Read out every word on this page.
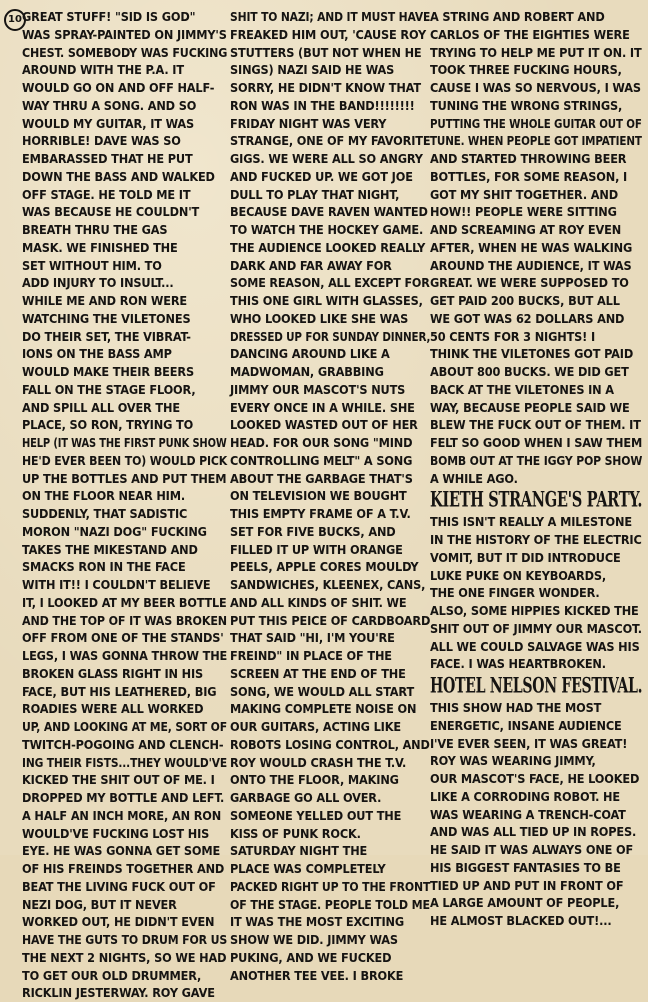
10 GREAT STUFF! "SID IS GOD"
WAS SPRAY-PAINTED ON JIMMY'S
CHEST. SOMEBODY WAS FUCKING
AROUND WITH THE P.A. IT
WOULD GO ON AND OFF HALF-
WAY THRU A SONG. AND SO
WOULD MY GUITAR, IT WAS
HORRIBLE! DAVE WAS SO
EMBARASSED THAT HE PUT
DOWN THE BASS AND WALKED
OFF STAGE. HE TOLD ME IT
WAS BECAUSE HE COULDN'T
BREATH THRU THE GAS
MASK. WE FINISHED THE
SET WITHOUT HIM. TO
ADD INJURY TO INSULT...
WHILE ME AND RON WERE
WATCHING THE VILETONES
DO THEIR SET, THE VIBRAT-
IONS ON THE BASS AMP
WOULD MAKE THEIR BEERS
FALL ON THE STAGE FLOOR,
AND SPILL ALL OVER THE
PLACE, SO RON, TRYING TO
HELP (IT WAS THE FIRST PUNK SHOW
HE'D EVER BEEN TO) WOULD PICK
UP THE BOTTLES AND PUT THEM
ON THE FLOOR NEAR HIM.
SUDDENLY, THAT SADISTIC
MORON "NAZI DOG" FUCKING
TAKES THE MIKESTAND AND
SMACKS RON IN THE FACE
WITH IT!! I COULDN'T BELIEVE
IT, I LOOKED AT MY BEER BOTTLE
AND THE TOP OF IT WAS BROKEN
OFF FROM ONE OF THE STANDS'
LEGS, I WAS GONNA THROW THE
BROKEN GLASS RIGHT IN HIS
FACE, BUT HIS LEATHERED, BIG
ROADIES WERE ALL WORKED
UP, AND LOOKING AT ME, SORT OF
TWITCH-POGOING AND CLENCH-
ING THEIR FISTS...THEY WOULD'VE
KICKED THE SHIT OUT OF ME. I
DROPPED MY BOTTLE AND LEFT.
A HALF AN INCH MORE, AN RON
WOULD'VE FUCKING LOST HIS
EYE. HE WAS GONNA GET SOME
OF HIS FREINDS TOGETHER AND
BEAT THE LIVING FUCK OUT OF
NEZI DOG, BUT IT NEVER
WORKED OUT, HE DIDN'T EVEN
HAVE THE GUTS TO DRUM FOR US
THE NEXT 2 NIGHTS, SO WE HAD
TO GET OUR OLD DRUMMER,
RICKLIN JESTERWAY. ROY GAVE
SHIT TO NAZI; AND IT MUST HAVE
FREAKED HIM OUT, 'CAUSE ROY
STUTTERS (BUT NOT WHEN HE
SINGS) NAZI SAID HE WAS
SORRY, HE DIDN'T KNOW THAT
RON WAS IN THE BAND!!!!!!!!
FRIDAY NIGHT WAS VERY
STRANGE, ONE OF MY FAVORITE
GIGS. WE WERE ALL SO ANGRY
AND FUCKED UP. WE GOT JOE
DULL TO PLAY THAT NIGHT,
BECAUSE DAVE RAVEN WANTED
TO WATCH THE HOCKEY GAME.
THE AUDIENCE LOOKED REALLY
DARK AND FAR AWAY FOR
SOME REASON, ALL EXCEPT FOR
THIS ONE GIRL WITH GLASSES,
WHO LOOKED LIKE SHE WAS
DRESSED UP FOR SUNDAY DINNER,
DANCING AROUND LIKE A
MADWOMAN, GRABBING
JIMMY OUR MASCOT'S NUTS
EVERY ONCE IN A WHILE. SHE
LOOKED WASTED OUT OF HER
HEAD. FOR OUR SONG "MIND
CONTROLLING MELT" A SONG
ABOUT THE GARBAGE THAT'S
ON TELEVISION WE BOUGHT
THIS EMPTY FRAME OF A T.V.
SET FOR FIVE BUCKS, AND
FILLED IT UP WITH ORANGE
PEELS, APPLE CORES MOULDY
SANDWICHES, KLEENEX, CANS,
AND ALL KINDS OF SHIT. WE
PUT THIS PEICE OF CARDBOARD
THAT SAID "HI, I'M YOU'RE
FREIND" IN PLACE OF THE
SCREEN AT THE END OF THE
SONG, WE WOULD ALL START
MAKING COMPLETE NOISE ON
OUR GUITARS, ACTING LIKE
ROBOTS LOSING CONTROL, AND
ROY WOULD CRASH THE T.V.
ONTO THE FLOOR, MAKING
GARBAGE GO ALL OVER.
SOMEONE YELLED OUT THE
KISS OF PUNK ROCK.
SATURDAY NIGHT THE
PLACE WAS COMPLETELY
PACKED RIGHT UP TO THE FRONT
OF THE STAGE. PEOPLE TOLD ME
IT WAS THE MOST EXCITING
SHOW WE DID. JIMMY WAS
PUKING, AND WE FUCKED
ANOTHER TEE VEE. I BROKE
A STRING AND ROBERT AND
CARLOS OF THE EIGHTIES WERE
TRYING TO HELP ME PUT IT ON. IT
TOOK THREE FUCKING HOURS,
CAUSE I WAS SO NERVOUS, I WAS
TUNING THE WRONG STRINGS,
PUTTING THE WHOLE GUITAR OUT OF
TUNE. WHEN PEOPLE GOT IMPATIENT
AND STARTED THROWING BEER
BOTTLES, FOR SOME REASON, I
GOT MY SHIT TOGETHER. AND
HOW!! PEOPLE WERE SITTING
AND SCREAMING AT ROY EVEN
AFTER, WHEN HE WAS WALKING
AROUND THE AUDIENCE, IT WAS
GREAT. WE WERE SUPPOSED TO
GET PAID 200 BUCKS, BUT ALL
WE GOT WAS 62 DOLLARS AND
50 CENTS FOR 3 NIGHTS! I
THINK THE VILETONES GOT PAID
ABOUT 800 BUCKS. WE DID GET
BACK AT THE VILETONES IN A
WAY, BECAUSE PEOPLE SAID WE
BLEW THE FUCK OUT OF THEM. IT
FELT SO GOOD WHEN I SAW THEM
BOMB OUT AT THE IGGY POP SHOW
A WHILE AGO.
KIETH STRANGE'S PARTY.
THIS ISN'T REALLY A MILESTONE
IN THE HISTORY OF THE ELECTRIC
VOMIT, BUT IT DID INTRODUCE
LUKE PUKE ON KEYBOARDS,
THE ONE FINGER WONDER.
ALSO, SOME HIPPIES KICKED THE
SHIT OUT OF JIMMY OUR MASCOT.
ALL WE COULD SALVAGE WAS HIS
FACE. I WAS HEARTBROKEN.
HOTEL NELSON FESTIVAL.
THIS SHOW HAD THE MOST
ENERGETIC, INSANE AUDIENCE
I'VE EVER SEEN, IT WAS GREAT!
ROY WAS WEARING JIMMY,
OUR MASCOT'S FACE, HE LOOKED
LIKE A CORRODING ROBOT. HE
WAS WEARING A TRENCH-COAT
AND WAS ALL TIED UP IN ROPES.
HE SAID IT WAS ALWAYS ONE OF
HIS BIGGEST FANTASIES TO BE
TIED UP AND PUT IN FRONT OF
A LARGE AMOUNT OF PEOPLE,
HE ALMOST BLACKED OUT!...
